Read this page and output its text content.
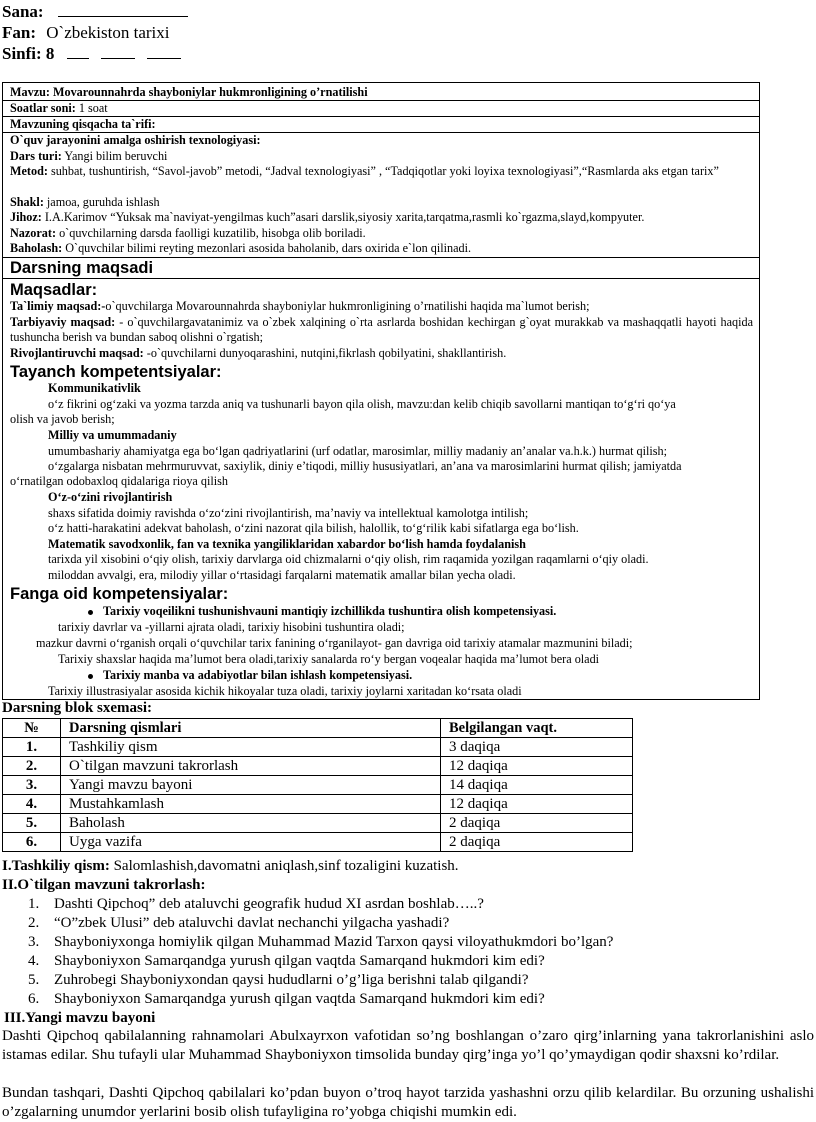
Sana:
Fan: O`zbekiston tarixi
Sinfi: 8
Mavzu: Movarounnahrda shayboniylar hukmronligining o’rnatilishi
Soatlar soni: 1 soat
Mavzuning qisqacha ta`rifi:
O`quv jarayonini amalga oshirish texnologiyasi:
Dars turi: Yangi bilim beruvchi
Metod: suhbat, tushuntirish, “Savol-javob” metodi, “Jadval texnologiyasi” , “Tadqiqotlar yoki loyixa texnologiyasi”,“Rasmlarda aks etgan tarix”
Shakl: jamoa, guruhda ishlash
Jihoz: I.A.Karimov “Yuksak ma`naviyat-yengilmas kuch”asari darslik,siyosiy xarita,tarqatma,rasmli ko`rgazma,slayd,kompyuter.
Nazorat: o`quvchilarning darsda faolligi kuzatilib, hisobga olib boriladi.
Baholash: O`quvchilar bilimi reyting mezonlari asosida baholanib, dars oxirida e`lon qilinadi.
Darsning maqsadi
Maqsadlar:
Ta`limiy maqsad:-o`quvchilarga Movarounnahrda shayboniylar hukmronligining o’rnatilishi haqida ma`lumot berish;
Tarbiyaviy maqsad: - o`quvchilargavatanimiz va o`zbek xalqining o`rta asrlardа boshidan kechirgan g`oyat murakkab va mashaqqatli hayoti haqida tushuncha berish va bundan saboq olishni o`rgatish;
Rivojlantiruvchi maqsad: -o`quvchilarni dunyoqarashini, nutqini,fikrlash qobilyatini, shakllantirish.
Tayanch kompetentsiyalar:
Kommunikativlik
o‘z fikrini og‘zaki va yozma tarzda aniq va tushunarli bayon qila olish, mavzu:dan kelib chiqib savollarni mantiqan to‘g‘ri qo‘ya
olish va javob berish;
Milliy va umummadaniy
umumbashariy ahamiyatga ega bo‘lgan qadriyatlarini (urf odatlar, marosimlar, milliy madaniy an’analar va.h.k.) hurmat qilish;
o‘zgalarga nisbatan mehrmuruvvat, saxiylik, diniy e’tiqodi, milliy hususiyatlari, an’ana va marosimlarini hurmat qilish; jamiyatda
o‘rnatilgan odobaxloq qidalariga rioya qilish
O‘z-o‘zini rivojlantirish
shaxs sifatida doimiy ravishda o‘zo‘zini rivojlantirish, ma’naviy va intellektual kamolotga intilish;
o‘z hatti-harakatini adekvat baholash, o‘zini nazorat qila bilish, halollik, to‘g‘rilik kabi sifatlarga ega bo‘lish.
Matematik savodxonlik, fan va texnika yangiliklaridan xabardor bo‘lish hamda foydalanish
tarixda yil xisobini o‘qiy olish, tarixiy darvlarga oid chizmalarni o‘qiy olish, rim raqamida yozilgan raqamlarni o‘qiy oladi.
miloddan avvalgi, era, milodiy yillar o‘rtasidagi farqalarni matematik amallar bilan yecha oladi.
Fanga oid kompetensiyalar:
Tarixiy voqeilikni tushunishvauni mantiqiy izchillikda tushuntira olish kompetensiyasi.
tarixiy davrlar va -yillarni ajrata oladi, tarixiy hisobini tushuntira oladi;
mazkur davrni o‘rganish orqali o‘quvchilar tarix fanining o‘rganilayot- gan davriga oid tarixiy atamalar mazmunini biladi;
Tarixiy shaxslar haqida ma’lumot bera oladi,tarixiy sanalarda ro‘y bergan voqealar haqida ma’lumot bera oladi
Tarixiy manba va adabiyotlar bilan ishlash kompetensiyasi.
Tarixiy illustrasiyalar asosida kichik hikoyalar tuza oladi, tarixiy joylarni xaritadan ko‘rsata oladi
Darsning blok sxemasi:
№	Darsning qismlari	Belgilangan vaqt.
1.	Tashkiliy qism	3 daqiqa
2.	O`tilgan mavzuni takrorlash	12 daqiqa
3.	Yangi mavzu bayoni	14 daqiqa
4.	Mustahkamlash	12 daqiqa
5.	Baholash	2 daqiqa
6.	Uyga vazifa	2 daqiqa
I.Tashkiliy qism: Salomlashish,davomatni aniqlash,sinf tozaligini kuzatish.
II.O`tilgan mavzuni takrorlash:
1. Dashti Qipchoq” deb ataluvchi geografik hudud XI asrdan boshlab…..?
2. “O”zbek Ulusi” deb ataluvchi davlat nechanchi yilgacha yashadi?
3. Shayboniyxonga homiylik qilgan Muhammad Mazid Tarxon qaysi viloyathukmdori bo’lgan?
4. Shayboniyxon Samarqandga yurush qilgan vaqtda Samarqand hukmdori kim edi?
5. Zuhrobegi Shayboniyxondan qaysi hududlarni o’g’liga berishni talab qilgandi?
6. Shayboniyxon Samarqandga yurush qilgan vaqtda Samarqand hukmdori kim edi?
III.Yangi mavzu bayoni
Dashti Qipchoq qabilalanning rahnamolari Abulxayrxon vafotidan so’ng boshlangan o’zaro qirg’inlarning yana takrorlanishini aslo istamas edilar. Shu tufayli ular Muhammad Shayboniyxon timsolida bunday qirg’inga yo’l qo’ymaydigan qodir shaxsni ko’rdilar.
Bundan tashqari, Dashti Qipchoq qabilalari ko’pdan buyon o’troq hayot tarzida yashashni orzu qilib kelardilar. Bu orzuning ushalishi o’zgalarning unumdor yerlarini bosib olish tufayligina ro’yobga chiqishi mumkin edi.
